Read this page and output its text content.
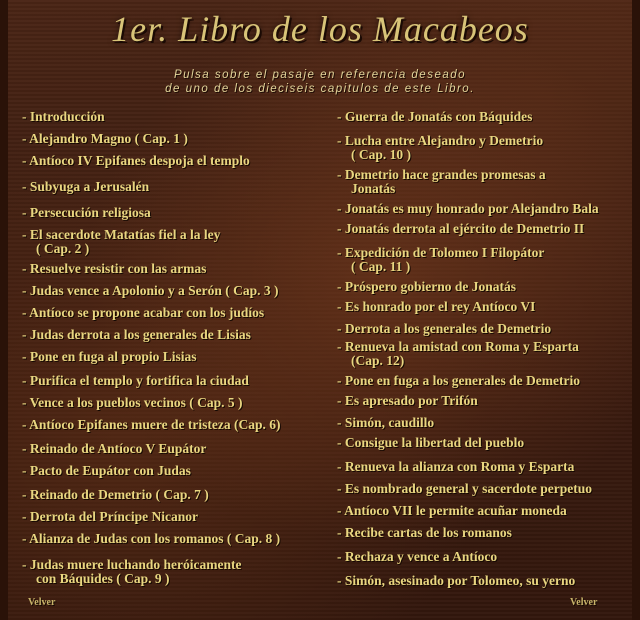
1er. Libro de los Macabeos
Pulsa sobre el pasaje en referencia deseado
de uno de los dieciseis capitulos de este Libro.
- Introducción
- Alejandro Magno ( Cap. 1 )
- Antíoco IV Epifanes despoja el templo
- Subyuga a Jerusalén
- Persecución religiosa
- El sacerdote Matatías fiel a la ley
( Cap. 2 )
- Resuelve resistir con las armas
- Judas vence a Apolonio y a Serón ( Cap. 3 )
- Antíoco se propone acabar con los judíos
- Judas derrota a los generales de Lisias
- Pone en fuga al propio Lisias
- Purifica el templo y fortifica la ciudad
- Vence a los pueblos vecinos ( Cap. 5 )
- Antíoco Epifanes muere de tristeza (Cap. 6)
- Reinado de Antíoco V Eupátor
- Pacto de Eupátor con Judas
- Reinado de Demetrio ( Cap. 7 )
- Derrota del Príncipe Nicanor
- Alianza de Judas con los romanos ( Cap. 8 )
- Judas muere luchando heróicamente
con Báquides ( Cap. 9 )
- Guerra de Jonatás con Báquides
- Lucha entre Alejandro y Demetrio
( Cap. 10 )
- Demetrio hace grandes promesas a
Jonatás
- Jonatás es muy honrado por Alejandro Bala
- Jonatás derrota al ejército de Demetrio II
- Expedición de Tolomeo I Filopátor
( Cap. 11 )
- Próspero gobierno de Jonatás
- Es honrado por el rey Antíoco VI
- Derrota a los generales de Demetrio
- Renueva la amistad con Roma y Esparta
(Cap. 12)
- Pone en fuga a los generales de Demetrio
- Es apresado por Trifón
- Simón, caudillo
- Consigue la libertad del pueblo
- Renueva la alianza con Roma y Esparta
- Es nombrado general y sacerdote perpetuo
- Antíoco VII le permite acuñar moneda
- Recibe cartas de los romanos
- Rechaza y vence a Antíoco
- Simón, asesinado por Tolomeo, su yerno
Velver	Velver
